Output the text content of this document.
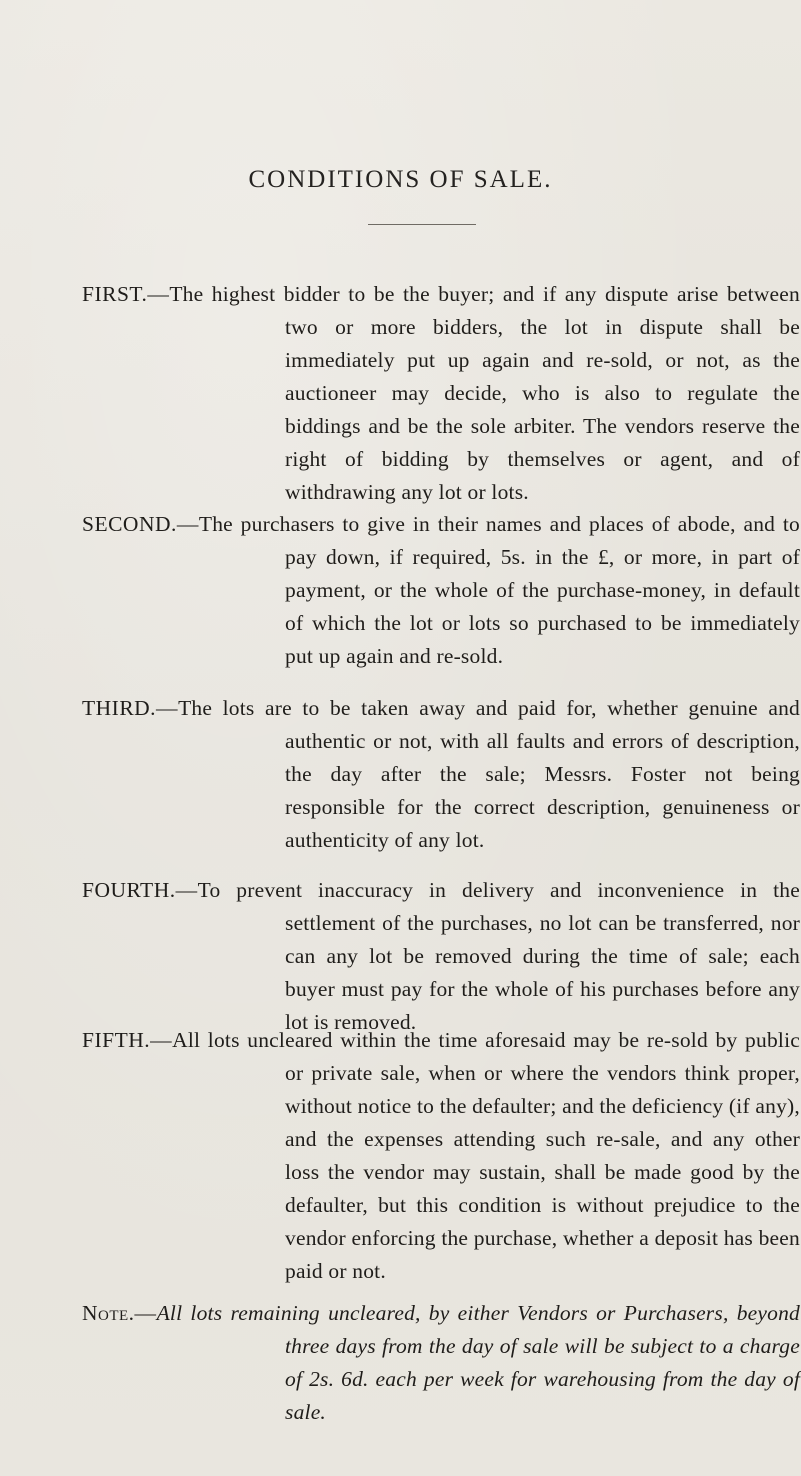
CONDITIONS OF SALE.
FIRST.—The highest bidder to be the buyer; and if any dispute arise between two or more bidders, the lot in dispute shall be immediately put up again and re-sold, or not, as the auctioneer may decide, who is also to regulate the biddings and be the sole arbiter. The vendors reserve the right of bidding by themselves or agent, and of withdrawing any lot or lots.
SECOND.—The purchasers to give in their names and places of abode, and to pay down, if required, 5s. in the £, or more, in part of payment, or the whole of the purchase-money, in default of which the lot or lots so purchased to be immediately put up again and re-sold.
THIRD.—The lots are to be taken away and paid for, whether genuine and authentic or not, with all faults and errors of description, the day after the sale; Messrs. Foster not being responsible for the correct description, genuineness or authenticity of any lot.
FOURTH.—To prevent inaccuracy in delivery and inconvenience in the settlement of the purchases, no lot can be transferred, nor can any lot be removed during the time of sale; each buyer must pay for the whole of his purchases before any lot is removed.
FIFTH.—All lots uncleared within the time aforesaid may be re-sold by public or private sale, when or where the vendors think proper, without notice to the defaulter; and the deficiency (if any), and the expenses attending such re-sale, and any other loss the vendor may sustain, shall be made good by the defaulter, but this condition is without prejudice to the vendor enforcing the purchase, whether a deposit has been paid or not.
Note.—All lots remaining uncleared, by either Vendors or Purchasers, beyond three days from the day of sale will be subject to a charge of 2s. 6d. each per week for warehousing from the day of sale.
